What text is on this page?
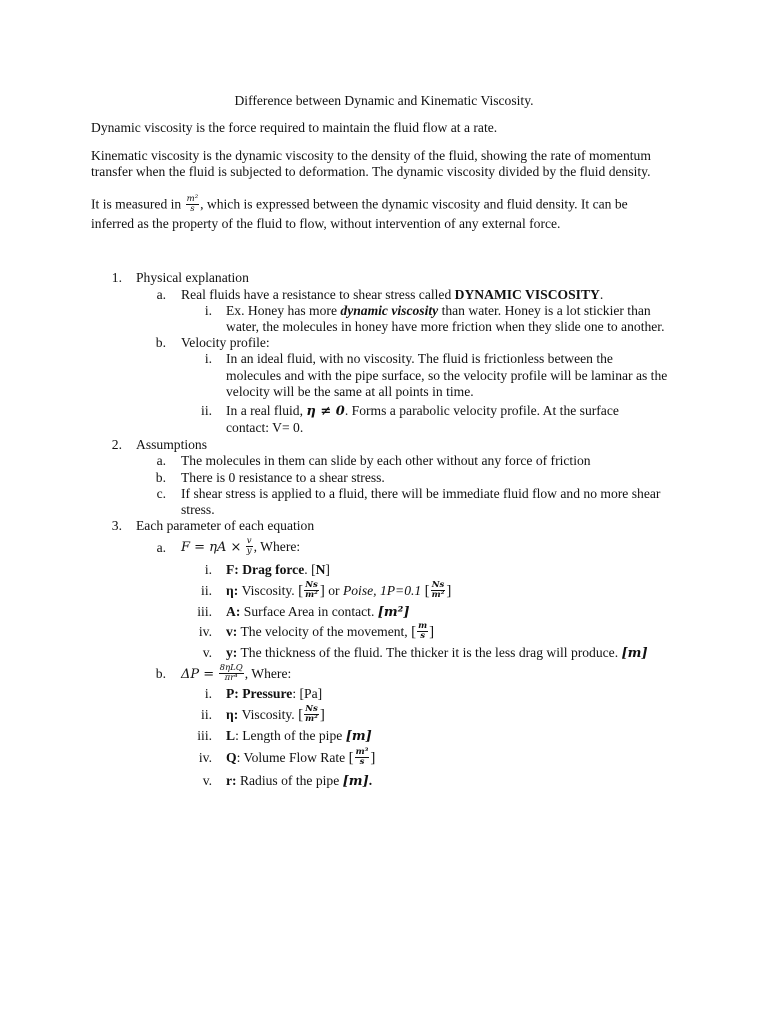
Difference between Dynamic and Kinematic Viscosity.
Dynamic viscosity is the force required to maintain the fluid flow at a rate.
Kinematic viscosity is the dynamic viscosity to the density of the fluid, showing the rate of momentum
transfer when the fluid is subjected to deformation. The dynamic viscosity divided by the fluid density.
It is measured in $\frac{\text{m²}}{s}$ , which is expressed between the dynamic viscosity and fluid density. It can be
inferred as the property of the fluid to flow, without intervention of any external force.
1. Physical explanation
a. Real fluids have a resistance to shear stress called DYNAMIC VISCOSITY.
i. Ex. Honey has more dynamic viscosity than water. Honey is a lot stickier than
water, the molecules in honey have more friction when they slide one to another.
b. Velocity profile:
i. In an ideal fluid, with no viscosity. The fluid is frictionless between the
molecules and with the pipe surface, so the velocity profile will be laminar as the
velocity will be the same at all points in time.
ii. In a real fluid, η ≠ 0. Forms a parabolic velocity profile. At the surface
contact: V= 0.
2. Assumptions
a. The molecules in them can slide by each other without any force of friction
b. There is 0 resistance to a shear stress.
c. If shear stress is applied to a fluid, there will be immediate fluid flow and no more shear
stress.
3. Each parameter of each equation
a. $F = \eta A \times \frac{v}{y}$ , Where:
i. F: Drag force. [N]
ii. η: Viscosity. [ $\frac{Ns}{\text{m²}}$ ] or Poise, 1P=0.1 [ $\frac{Ns}{\text{m²}}$ ]
iii. A: Surface Area in contact. [m²]
iv. v: The velocity of the movement, [ $\frac{m}{s}$ ]
v. y: The thickness of the fluid. The thicker it is the less drag will produce. [m]
b. $\Delta P = \frac{\text{8ηLQ}}{\text{πr⁴}}$ , Where:
i. P: Pressure: [Pa]
ii. η: Viscosity. [ $\frac{Ns}{\text{m²}}$ ]
iii. L: Length of the pipe [m]
iv. Q: Volume Flow Rate [ $\frac{\text{m³}}{s}$ ]
v. r: Radius of the pipe [m].
